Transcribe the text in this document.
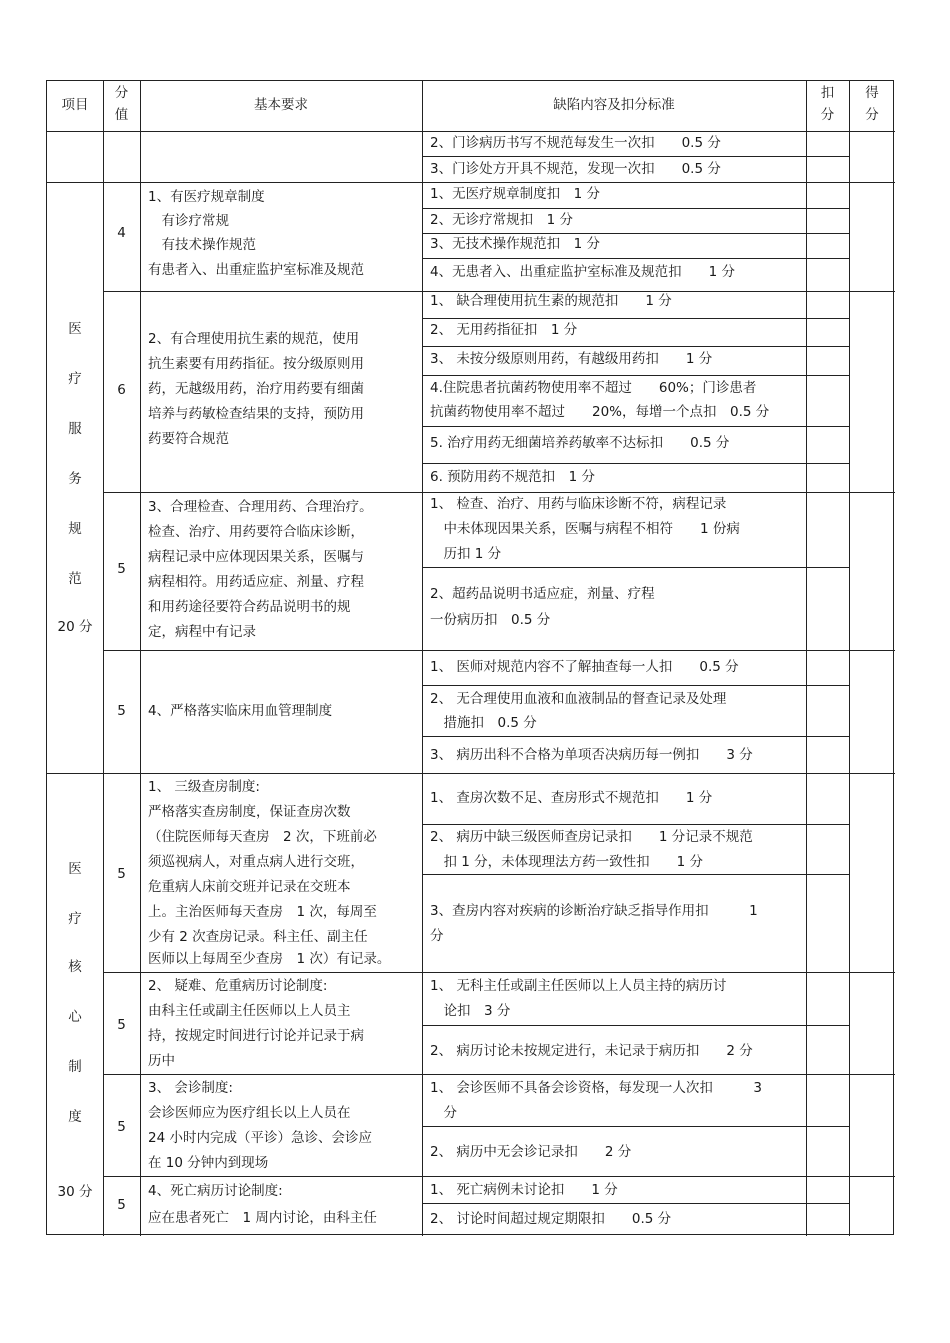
项目
分
值
基本要求	缺陷内容及扣分标准
扣
分
得
分
2、门诊病历书写不规范每发生一次扣　　0.5 分
3、门诊处方开具不规范，发现一次扣　　0.5 分
医
疗
服
务
规
范
20 分
4
1、有医疗规章制度
　有诊疗常规
　有技术操作规范
有患者入、出重症监护室标准及规范
1、无医疗规章制度扣　1 分
2、无诊疗常规扣　1 分
3、无技术操作规范扣　1 分
4、无患者入、出重症监护室标准及规范扣　　1 分
6
2、有合理使用抗生素的规范，使用
抗生素要有用药指征。按分级原则用
药，无越级用药，治疗用药要有细菌
培养与药敏检查结果的支持，预防用
药要符合规范
1、 缺合理使用抗生素的规范扣　　1 分
2、 无用药指征扣　1 分
3、 未按分级原则用药，有越级用药扣　　1 分
4.住院患者抗菌药物使用率不超过　　60%；门诊患者
抗菌药物使用率不超过　　20%，每增一个点扣　0.5 分
5. 治疗用药无细菌培养药敏率不达标扣　　0.5 分
6. 预防用药不规范扣　1 分
5
3、合理检查、合理用药、合理治疗。
检查、治疗、用药要符合临床诊断，
病程记录中应体现因果关系，医嘱与
病程相符。用药适应症、剂量、疗程
和用药途径要符合药品说明书的规
定，病程中有记录
1、 检查、治疗、用药与临床诊断不符，病程记录
　中未体现因果关系，医嘱与病程不相符　　1 份病
　历扣 1 分
2、超药品说明书适应症，剂量、疗程
一份病历扣　0.5 分
5	4、严格落实临床用血管理制度
1、 医师对规范内容不了解抽查每一人扣　　0.5 分
2、 无合理使用血液和血液制品的督查记录及处理
　措施扣　0.5 分
3、 病历出科不合格为单项否决病历每一例扣　　3 分
医
疗
核
心
制
度
30 分
5
1、 三级查房制度:
严格落实查房制度，保证查房次数
（住院医师每天查房　2 次，下班前必
须巡视病人，对重点病人进行交班，
危重病人床前交班并记录在交班本
上。主治医师每天查房　1 次，每周至
少有 2 次查房记录。科主任、副主任
医师以上每周至少查房　1 次）有记录。
1、 查房次数不足、查房形式不规范扣　　1 分
2、 病历中缺三级医师查房记录扣　　1 分记录不规范
　扣 1 分，未体现理法方药一致性扣　　1 分
3、查房内容对疾病的诊断治疗缺乏指导作用扣　　　1
分
5
2、 疑难、危重病历讨论制度:
由科主任或副主任医师以上人员主
持，按规定时间进行讨论并记录于病
历中
1、 无科主任或副主任医师以上人员主持的病历讨
　论扣　3 分
2、 病历讨论未按规定进行，未记录于病历扣　　2 分
5
3、 会诊制度:
会诊医师应为医疗组长以上人员在
24 小时内完成（平诊）急诊、会诊应
在 10 分钟内到现场
1、 会诊医师不具备会诊资格，每发现一人次扣　　　3
　分
2、 病历中无会诊记录扣　　2 分
5
4、死亡病历讨论制度:
应在患者死亡　1 周内讨论，由科主任
1、 死亡病例未讨论扣　　1 分
2、 讨论时间超过规定期限扣　　0.5 分
